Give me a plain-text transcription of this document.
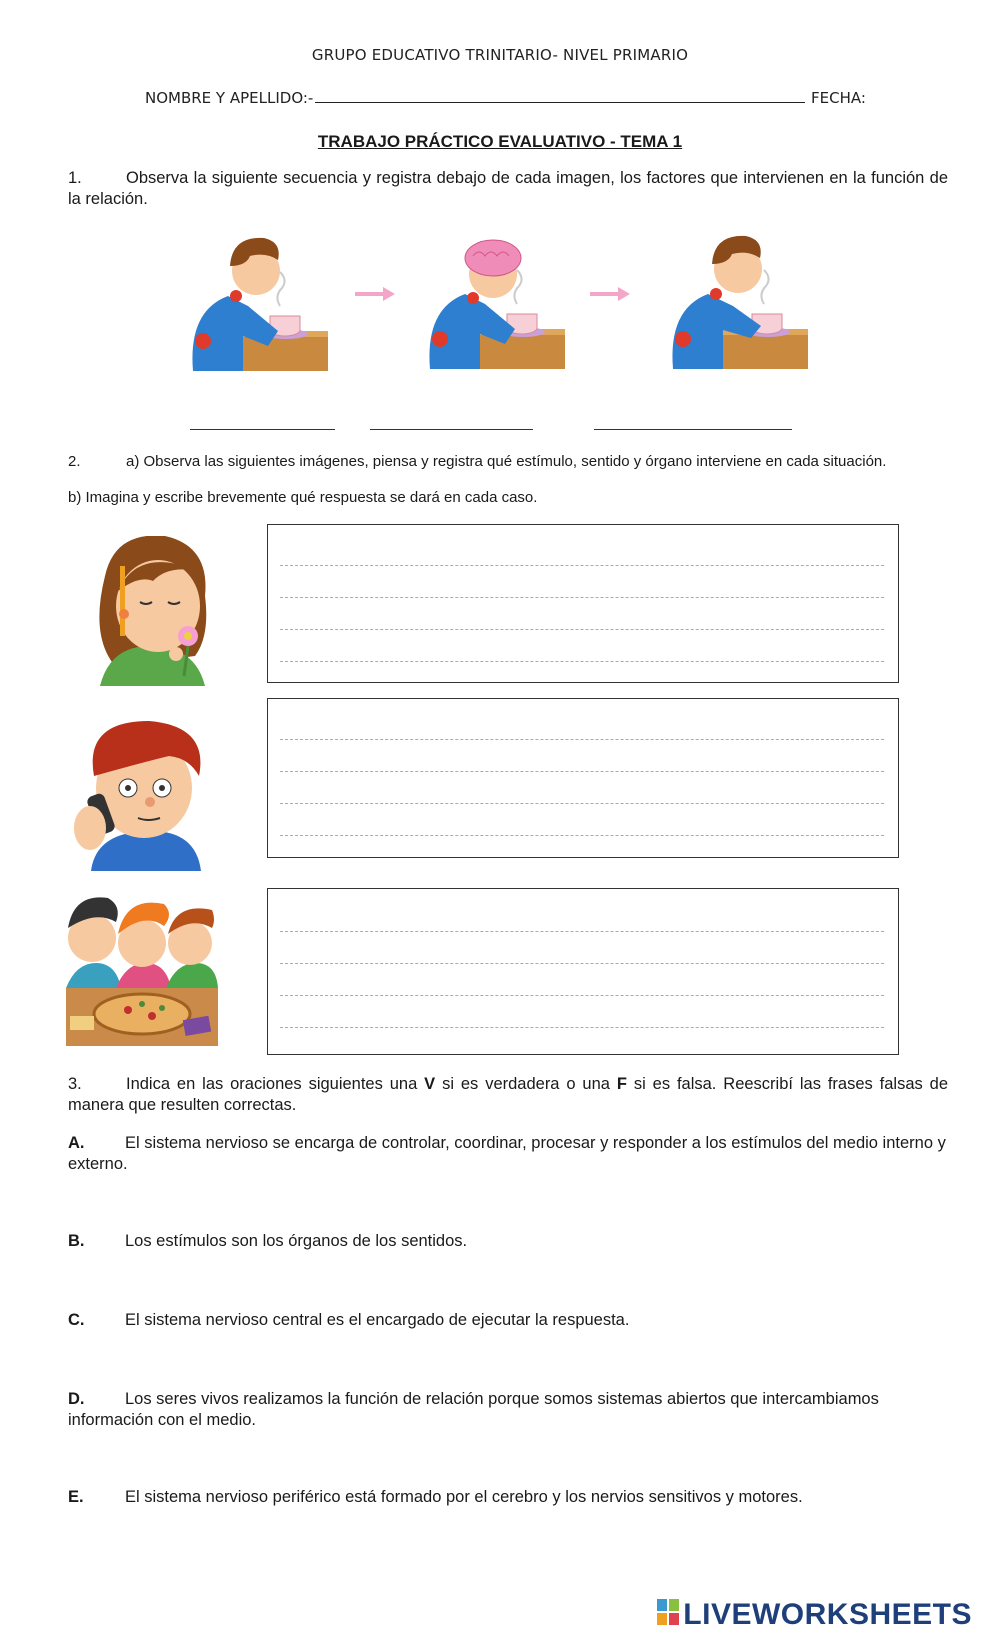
GRUPO EDUCATIVO TRINITARIO- NIVEL PRIMARIO
NOMBRE Y APELLIDO:-	FECHA:
TRABAJO PRÁCTICO EVALUATIVO - TEMA 1
1.	Observa la siguiente secuencia y registra debajo de cada imagen, los factores que intervienen en la función de la relación.
2.	a) Observa las siguientes imágenes, piensa y registra qué estímulo, sentido y órgano interviene en cada situación.
b) Imagina y escribe brevemente qué respuesta se dará en cada caso.
3.	Indica en las oraciones siguientes una V si es verdadera o una F si es falsa. Reescribí las frases falsas de manera que resulten correctas.
A. El sistema nervioso se encarga de controlar, coordinar, procesar y responder a los estímulos del medio interno y externo.
B. Los estímulos son los órganos de los sentidos.
C. El sistema nervioso central es el encargado de ejecutar la respuesta.
D. Los seres vivos realizamos la función de relación porque somos sistemas abiertos que intercambiamos información con el medio.
E.	El sistema nervioso periférico está formado por el cerebro y los nervios sensitivos y motores.
LIVEWORKSHEETS
